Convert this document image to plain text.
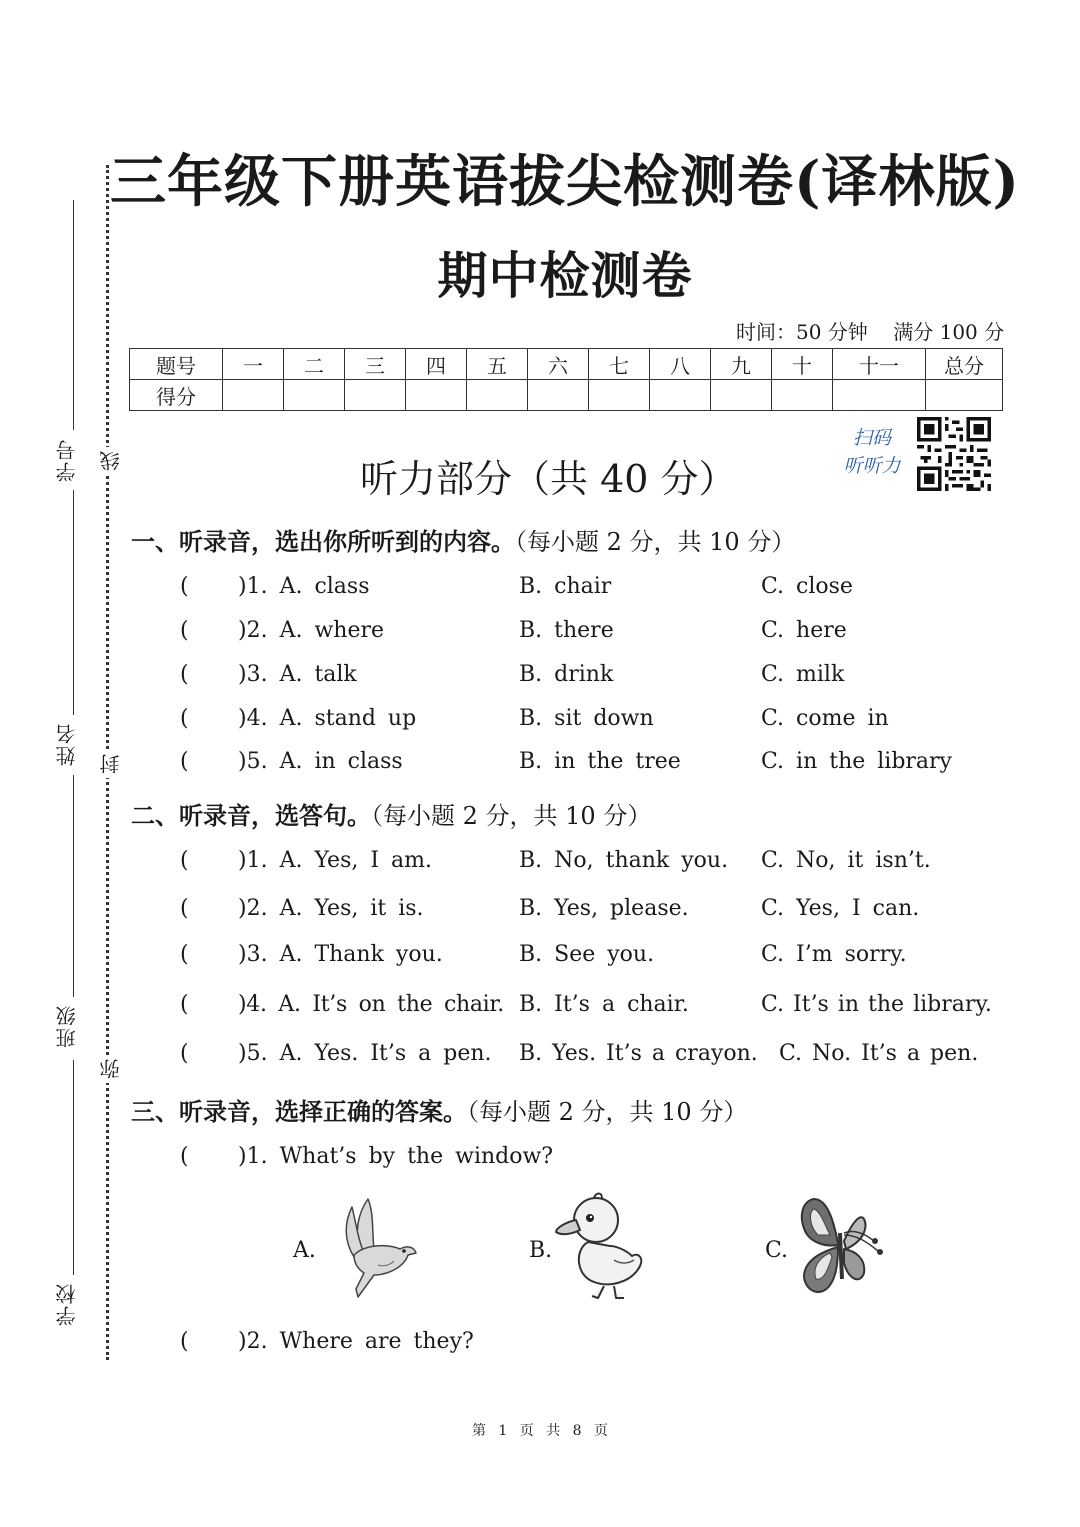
学号
姓名
班级
学校
线
封
弥
三年级下册英语拔尖检测卷(译林版)
期中检测卷
时间：50 分钟    满分 100 分
题号	一	二	三	四	五	六	七	八	九	十	十一	总分
得分												
扫码
听听力
听力部分（共 40 分）
一、听录音，选出你所听到的内容。（每小题 2 分，共 10 分）
( )1. A. class	B. chair	C. close
( )2. A. where	B. there	C. here
( )3. A. talk	B. drink	C. milk
( )4. A. stand up	B. sit down	C. come in
( )5. A. in class	B. in the tree	C. in the library
二、听录音，选答句。（每小题 2 分，共 10 分）
( )1. A. Yes, I am.	B. No, thank you. C. No, it isn’t.
( )2. A. Yes, it is.	B. Yes, please.	C. Yes, I can.
( )3. A. Thank you.	B. See you.	C. I’m sorry.
( )4. A. It’s on the chair. B. It’s a chair.	C. It’s in the library.
( )5. A. Yes. It’s a pen. B. Yes. It’s a crayon. C. No. It’s a pen.
三、听录音，选择正确的答案。（每小题 2 分，共 10 分）
( )1. What’s by the window?
A.	B.	C.
( )2. Where are they?
第 1 页 共 8 页
